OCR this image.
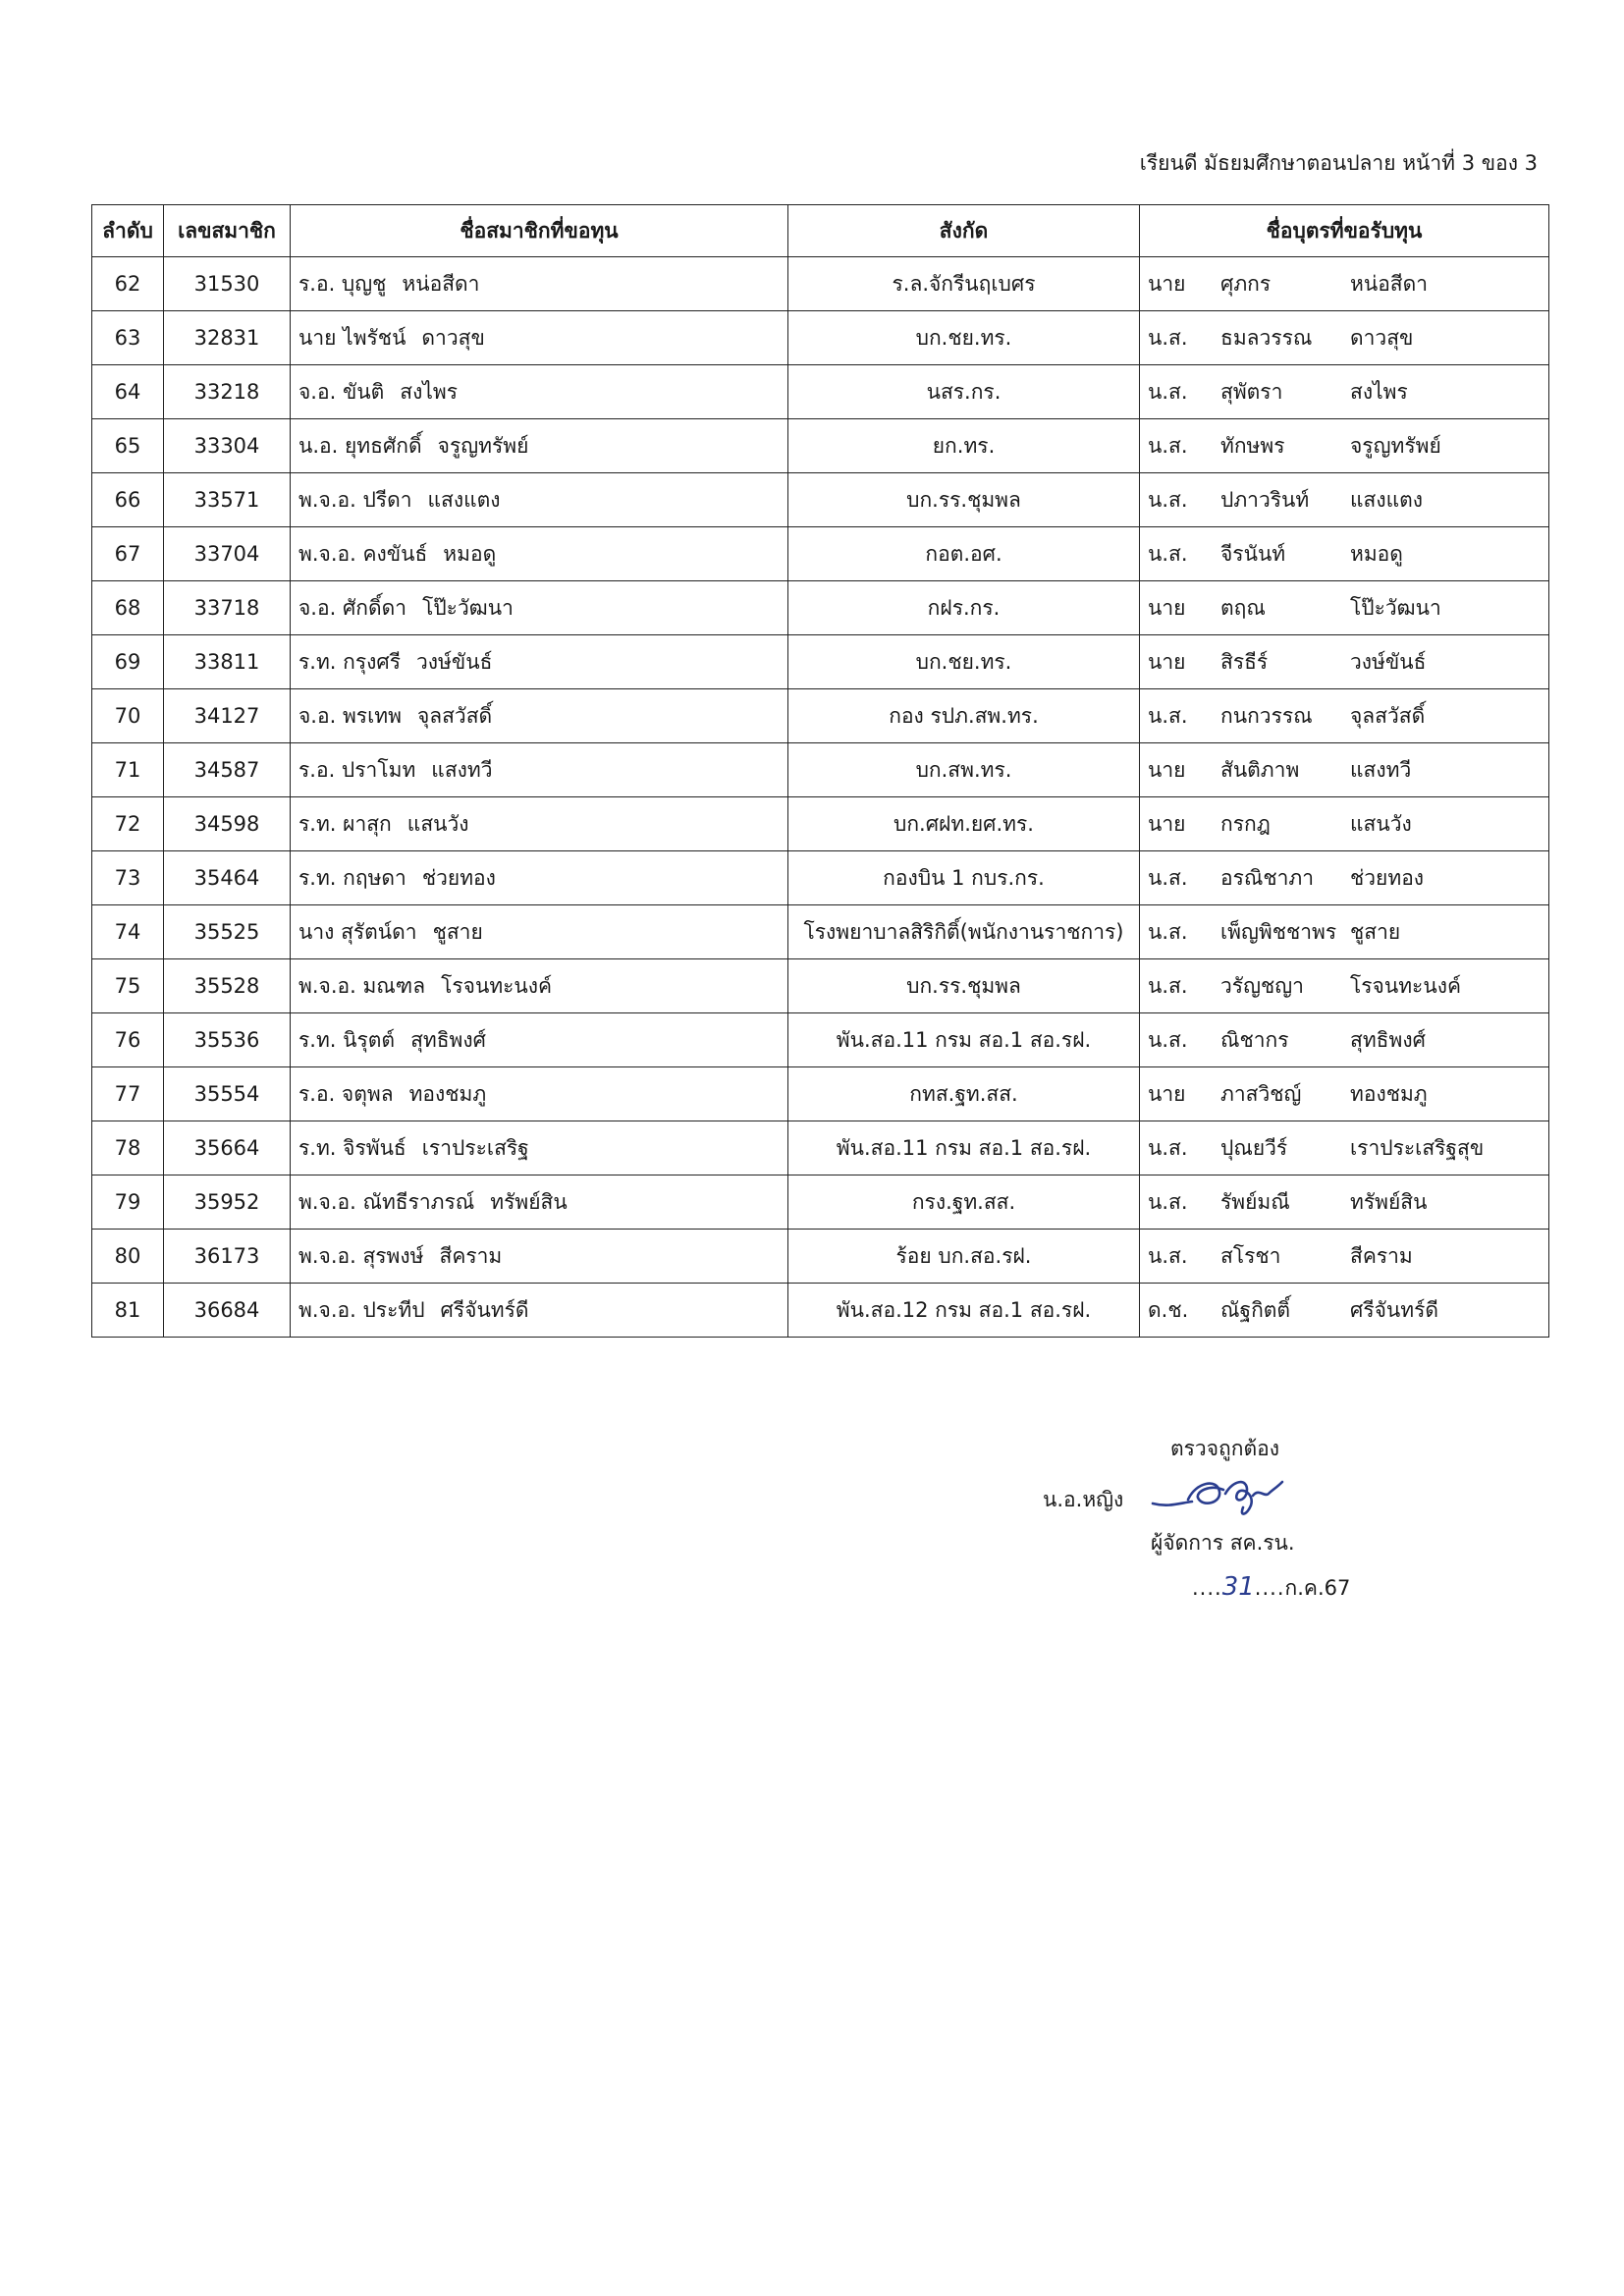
เรียนดี มัธยมศึกษาตอนปลาย หน้าที่ 3 ของ 3
ลำดับ	เลขสมาชิก	ชื่อสมาชิกที่ขอทุน	สังกัด	ชื่อบุตรที่ขอรับทุน
62	31530	ร.อ. บุญชู หน่อสีดา	ร.ล.จักรีนฤเบศร	นาย ศุภกร หน่อสีดา
63	32831	นาย ไพรัชน์ ดาวสุข	บก.ชย.ทร.	น.ส. ธมลวรรณ ดาวสุข
64	33218	จ.อ. ขันติ สงไพร	นสร.กร.	น.ส. สุพัตรา สงไพร
65	33304	น.อ. ยุทธศักดิ์ จรูญทรัพย์	ยก.ทร.	น.ส. ทักษพร จรูญทรัพย์
66	33571	พ.จ.อ. ปรีดา แสงแตง	บก.รร.ชุมพล	น.ส. ปภาวรินท์ แสงแตง
67	33704	พ.จ.อ. คงขันธ์ หมอดู	กอต.อศ.	น.ส. จีรนันท์ หมอดู
68	33718	จ.อ. ศักดิ์ดา โป๊ะวัฒนา	กฝร.กร.	นาย ตฤณ โป๊ะวัฒนา
69	33811	ร.ท. กรุงศรี วงษ์ขันธ์	บก.ชย.ทร.	นาย สิรธีร์ วงษ์ขันธ์
70	34127	จ.อ. พรเทพ จุลสวัสดิ์	กอง รปภ.สพ.ทร.	น.ส. กนกวรรณ จุลสวัสดิ์
71	34587	ร.อ. ปราโมท แสงทวี	บก.สพ.ทร.	นาย สันติภาพ แสงทวี
72	34598	ร.ท. ผาสุก แสนวัง	บก.ศฝท.ยศ.ทร.	นาย กรกฎ แสนวัง
73	35464	ร.ท. กฤษดา ช่วยทอง	กองบิน 1 กบร.กร.	น.ส. อรณิชาภา ช่วยทอง
74	35525	นาง สุรัตน์ดา ชูสาย	โรงพยาบาลสิริกิติ์(พนักงานราชการ)	น.ส. เพ็ญพิชชาพร ชูสาย
75	35528	พ.จ.อ. มณฑล โรจนทะนงค์	บก.รร.ชุมพล	น.ส. วรัญชญา โรจนทะนงค์
76	35536	ร.ท. นิรุตต์ สุทธิพงศ์	พัน.สอ.11 กรม สอ.1 สอ.รฝ.	น.ส. ณิชากร สุทธิพงศ์
77	35554	ร.อ. จตุพล ทองชมภู	กทส.ฐท.สส.	นาย ภาสวิชญ์ ทองชมภู
78	35664	ร.ท. จิรพันธ์ เราประเสริฐ	พัน.สอ.11 กรม สอ.1 สอ.รฝ.	น.ส. ปุณยวีร์ เราประเสริฐสุข
79	35952	พ.จ.อ. ณัทธีราภรณ์ ทรัพย์สิน	กรง.ฐท.สส.	น.ส. รัพย์มณี ทรัพย์สิน
80	36173	พ.จ.อ. สุรพงษ์ สีคราม	ร้อย บก.สอ.รฝ.	น.ส. สโรชา สีคราม
81	36684	พ.จ.อ. ประทีป ศรีจันทร์ดี	พัน.สอ.12 กรม สอ.1 สอ.รฝ.	ด.ช. ณัฐกิตติ์ ศรีจันทร์ดี
ตรวจถูกต้อง
น.อ.หญิง
ผู้จัดการ สค.รน.
....31....ก.ค.67
